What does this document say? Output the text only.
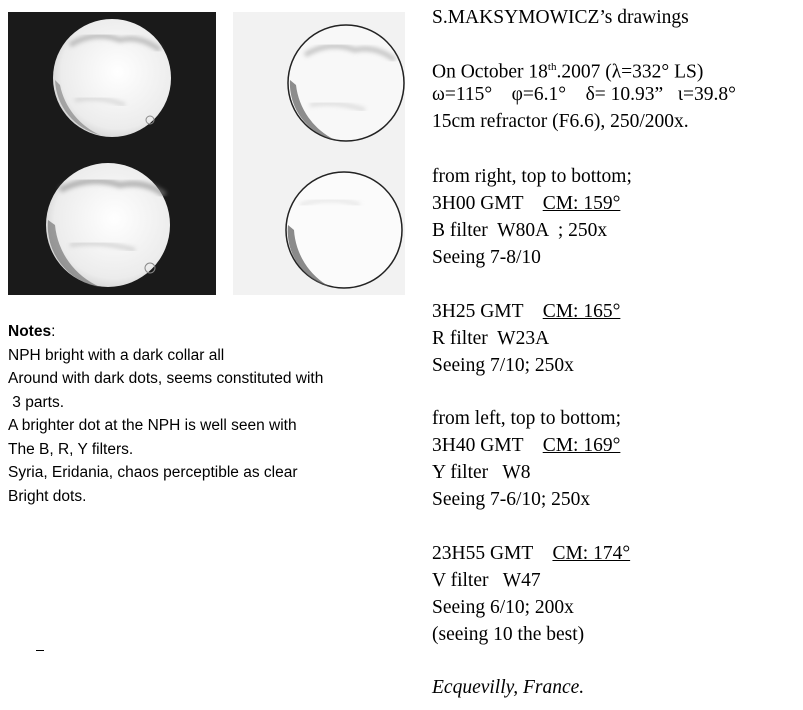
S.MAKSYMOWICZ’s drawings
On October 18th.2007 (λ=332° LS)
ω=115°    φ=6.1°    δ= 10.93”   ι=39.8°
15cm refractor (F6.6), 250/200x.
from right, top to bottom;
3H00 GMT CM: 159°
B filter  W80A  ; 250x
Seeing 7-8/10
3H25 GMT CM: 165°
R filter  W23A
Seeing 7/10; 250x
from left, top to bottom;
3H40 GMT CM: 169°
Y filter   W8
Seeing 7-6/10; 250x
23H55 GMT CM: 174°
V filter   W47
Seeing 6/10; 200x
(seeing 10 the best)
Ecquevilly, France.
Notes:
NPH bright with a dark collar all
Around with dark dots, seems constituted with
3 parts.
A brighter dot at the NPH is well seen with
The B, R, Y filters.
Syria, Eridania, chaos perceptible as clear
Bright dots.
